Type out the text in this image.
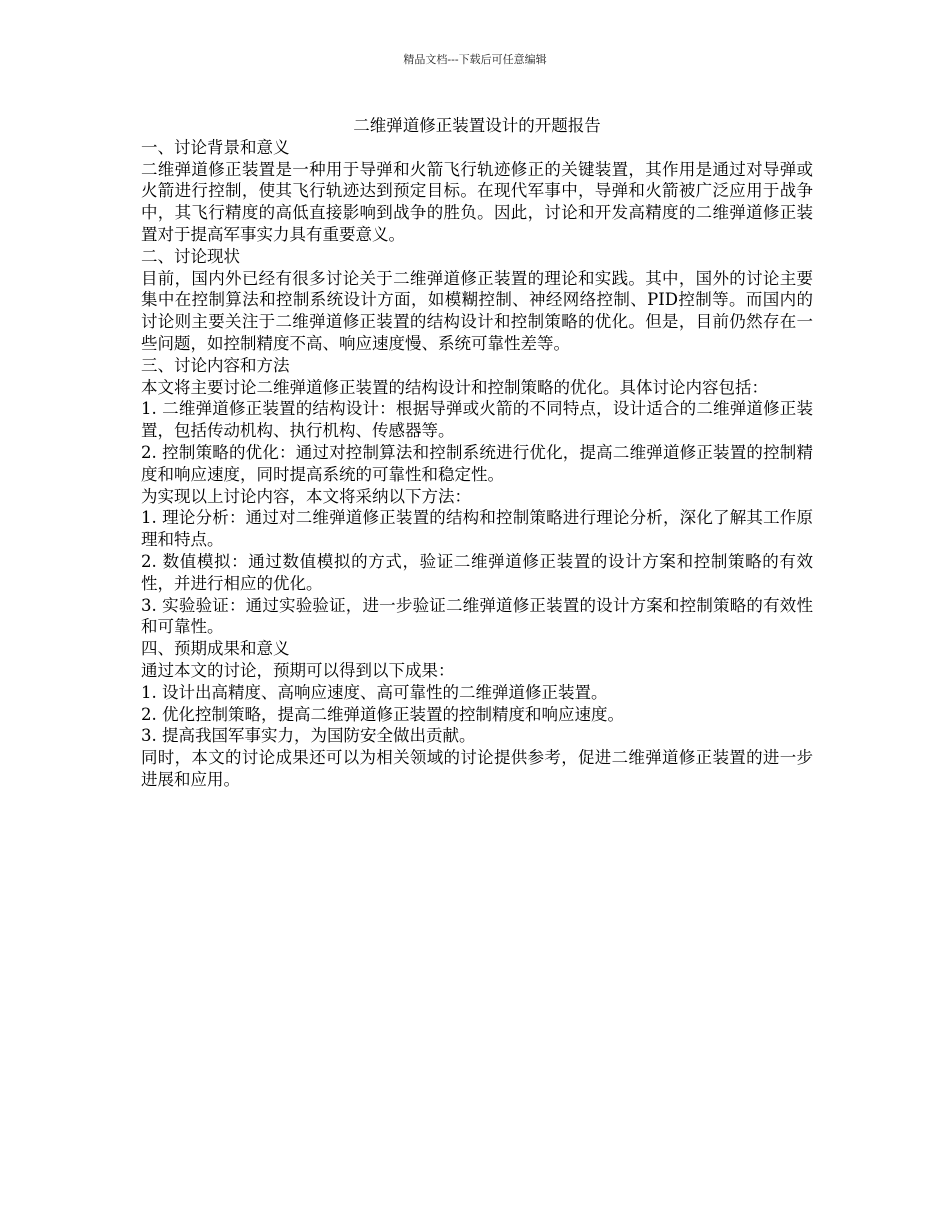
精品文档---下载后可任意编辑

二维弹道修正装置设计的开题报告

一、讨论背景和意义

二维弹道修正装置是一种用于导弹和火箭飞行轨迹修正的关键装置，其作用是通过对导弹或火箭进行控制，使其飞行轨迹达到预定目标。在现代军事中，导弹和火箭被广泛应用于战争中，其飞行精度的高低直接影响到战争的胜负。因此，讨论和开发高精度的二维弹道修正装置对于提高军事实力具有重要意义。

二、讨论现状

目前，国内外已经有很多讨论关于二维弹道修正装置的理论和实践。其中，国外的讨论主要集中在控制算法和控制系统设计方面，如模糊控制、神经网络控制、PID控制等。而国内的讨论则主要关注于二维弹道修正装置的结构设计和控制策略的优化。但是，目前仍然存在一些问题，如控制精度不高、响应速度慢、系统可靠性差等。

三、讨论内容和方法

本文将主要讨论二维弹道修正装置的结构设计和控制策略的优化。具体讨论内容包括：

1. 二维弹道修正装置的结构设计：根据导弹或火箭的不同特点，设计适合的二维弹道修正装置，包括传动机构、执行机构、传感器等。

2. 控制策略的优化：通过对控制算法和控制系统进行优化，提高二维弹道修正装置的控制精度和响应速度，同时提高系统的可靠性和稳定性。

为实现以上讨论内容，本文将采纳以下方法：

1. 理论分析：通过对二维弹道修正装置的结构和控制策略进行理论分析，深化了解其工作原理和特点。

2. 数值模拟：通过数值模拟的方式，验证二维弹道修正装置的设计方案和控制策略的有效性，并进行相应的优化。

3. 实验验证：通过实验验证，进一步验证二维弹道修正装置的设计方案和控制策略的有效性和可靠性。

四、预期成果和意义

通过本文的讨论，预期可以得到以下成果：

1. 设计出高精度、高响应速度、高可靠性的二维弹道修正装置。

2. 优化控制策略，提高二维弹道修正装置的控制精度和响应速度。

3. 提高我国军事实力，为国防安全做出贡献。

同时，本文的讨论成果还可以为相关领域的讨论提供参考，促进二维弹道修正装置的进一步进展和应用。
